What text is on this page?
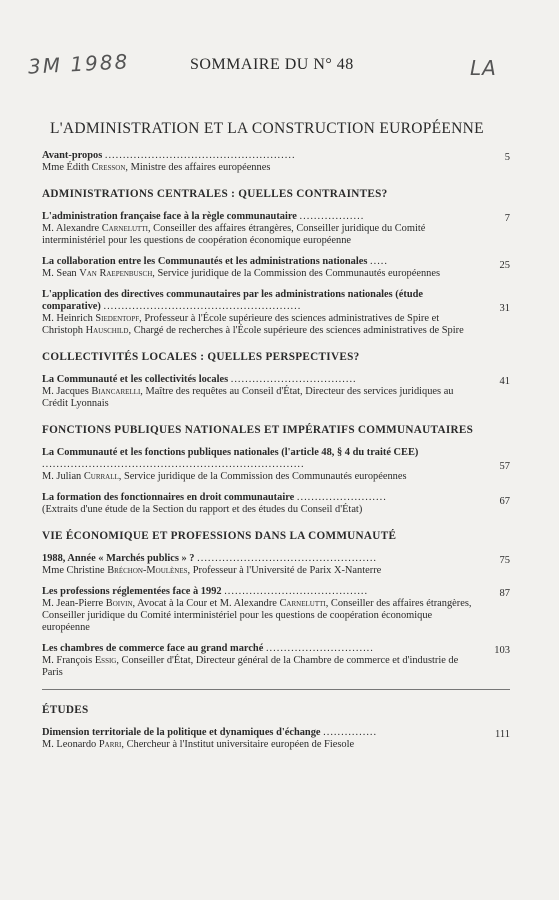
3M 1988	LA
SOMMAIRE DU N° 48
L'ADMINISTRATION ET LA CONSTRUCTION EUROPÉENNE
5
Avant-propos .....................................................
Mme Édith Cresson, Ministre des affaires européennes
ADMINISTRATIONS CENTRALES : QUELLES CONTRAINTES?
7
L'administration française face à la règle communautaire ..................
M. Alexandre Carnelutti, Conseiller des affaires étrangères, Conseiller juridique du Comité interministériel pour les questions de coopération économique européenne
25
La collaboration entre les Communautés et les administrations nationales .....
M. Sean Van Raepenbusch, Service juridique de la Commission des Communautés européennes
31
L'application des directives communautaires par les administrations nationales (étude comparative) .......................................................
M. Heinrich Siedentopf, Professeur à l'École supérieure des sciences administratives de Spire et Christoph Hauschild, Chargé de recherches à l'École supérieure des sciences administratives de Spire
COLLECTIVITÉS LOCALES : QUELLES PERSPECTIVES?
41
La Communauté et les collectivités locales ...................................
M. Jacques Biancarelli, Maître des requêtes au Conseil d'État, Directeur des services juridiques au Crédit Lyonnais
FONCTIONS PUBLIQUES NATIONALES ET IMPÉRATIFS COMMUNAUTAIRES
57
La Communauté et les fonctions publiques nationales (l'article 48, § 4 du traité CEE) .........................................................................
M. Julian Currall, Service juridique de la Commission des Communautés européennes
67
La formation des fonctionnaires en droit communautaire .........................
(Extraits d'une étude de la Section du rapport et des études du Conseil d'État)
VIE ÉCONOMIQUE ET PROFESSIONS DANS LA COMMUNAUTÉ
75
1988, Année « Marchés publics » ? ..................................................
Mme Christine Bréchon-Moulènes, Professeur à l'Université de Parix X-Nanterre
87
Les professions réglementées face à 1992 ........................................
M. Jean-Pierre Boivin, Avocat à la Cour et M. Alexandre Carnelutti, Conseiller des affaires étrangères, Conseiller juridique du Comité interministériel pour les questions de coopération économique européenne
103
Les chambres de commerce face au grand marché ..............................
M. François Essig, Conseiller d'État, Directeur général de la Chambre de commerce et d'industrie de Paris
ÉTUDES
111
Dimension territoriale de la politique et dynamiques d'échange ...............
M. Leonardo Parri, Chercheur à l'Institut universitaire européen de Fiesole
